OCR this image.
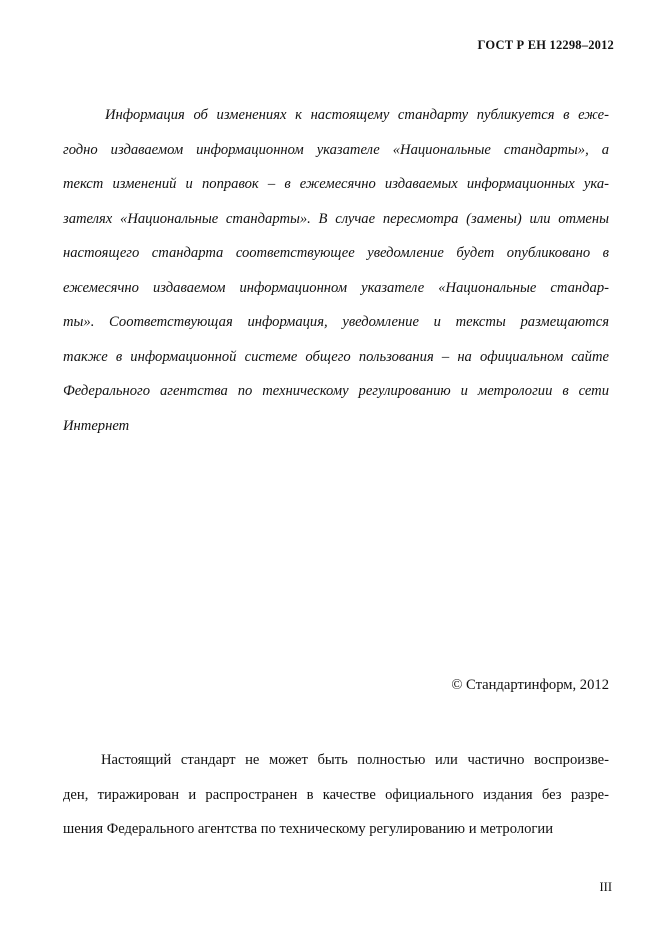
ГОСТ Р ЕН 12298–2012
Информация об изменениях к настоящему стандарту публикуется в еже-
годно издаваемом информационном указателе «Национальные стандарты», а
текст изменений и поправок – в ежемесячно издаваемых информационных ука-
зателях «Национальные стандарты». В случае пересмотра (замены) или отмены
настоящего стандарта соответствующее уведомление будет опубликовано в
ежемесячно издаваемом информационном указателе «Национальные стандар-
ты». Соответствующая информация, уведомление и тексты размещаются
также в информационной системе общего пользования – на официальном сайте
Федерального агентства по техническому регулированию и метрологии в сети
Интернет
© Стандартинформ, 2012
Настоящий стандарт не может быть полностью или частично воспроизве-
ден, тиражирован и распространен в качестве официального издания без разре-
шения Федерального агентства по техническому регулированию и метрологии
III
